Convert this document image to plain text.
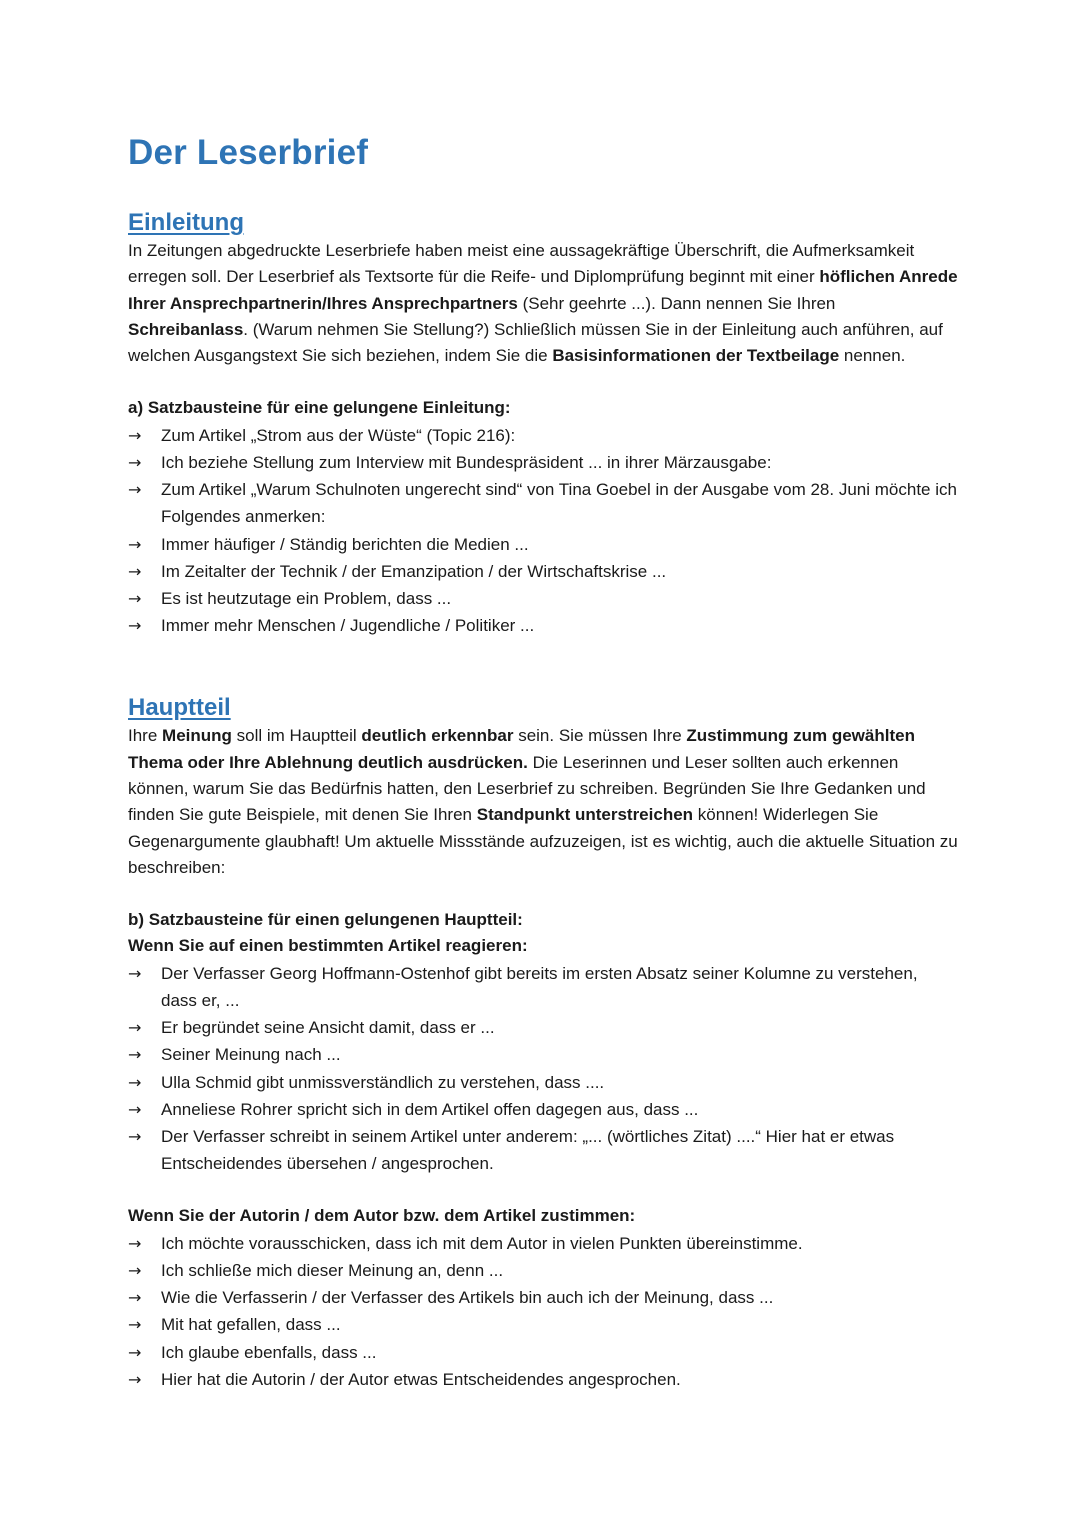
Der Leserbrief
Einleitung

In Zeitungen abgedruckte Leserbriefe haben meist eine aussagekräftige Überschrift, die Aufmerksamkeit erregen soll. Der Leserbrief als Textsorte für die Reife- und Diplomprüfung beginnt mit einer höflichen Anrede Ihrer Ansprechpartnerin/Ihres Ansprechpartners (Sehr geehrte ...). Dann nennen Sie Ihren Schreibanlass. (Warum nehmen Sie Stellung?) Schließlich müssen Sie in der Einleitung auch anführen, auf welchen Ausgangstext Sie sich beziehen, indem Sie die Basisinformationen der Textbeilage nennen.

a) Satzbausteine für eine gelungene Einleitung:

→	Zum Artikel „Strom aus der Wüste“ (Topic 216):
→	Ich beziehe Stellung zum Interview mit Bundespräsident ... in ihrer Märzausgabe:
→	Zum Artikel „Warum Schulnoten ungerecht sind“ von Tina Goebel in der Ausgabe vom 28. Juni möchte ich Folgendes anmerken:
→	Immer häufiger / Ständig berichten die Medien ...
→	Im Zeitalter der Technik / der Emanzipation / der Wirtschaftskrise ...
→	Es ist heutzutage ein Problem, dass ...
→	Immer mehr Menschen / Jugendliche / Politiker ...
Hauptteil

Ihre Meinung soll im Hauptteil deutlich erkennbar sein. Sie müssen Ihre Zustimmung zum gewählten Thema oder Ihre Ablehnung deutlich ausdrücken. Die Leserinnen und Leser sollten auch erkennen können, warum Sie das Bedürfnis hatten, den Leserbrief zu schreiben. Begründen Sie Ihre Gedanken und finden Sie gute Beispiele, mit denen Sie Ihren Standpunkt unterstreichen können! Widerlegen Sie Gegenargumente glaubhaft! Um aktuelle Missstände aufzuzeigen, ist es wichtig, auch die aktuelle Situation zu beschreiben:

b) Satzbausteine für einen gelungenen Hauptteil:

Wenn Sie auf einen bestimmten Artikel reagieren:

→	Der Verfasser Georg Hoffmann-Ostenhof gibt bereits im ersten Absatz seiner Kolumne zu verstehen, dass er, ...
→	Er begründet seine Ansicht damit, dass er ...
→	Seiner Meinung nach ...
→	Ulla Schmid gibt unmissverständlich zu verstehen, dass ....
→	Anneliese Rohrer spricht sich in dem Artikel offen dagegen aus, dass ...
→	Der Verfasser schreibt in seinem Artikel unter anderem: „... (wörtliches Zitat) ....“ Hier hat er etwas Entscheidendes übersehen / angesprochen.

Wenn Sie der Autorin / dem Autor bzw. dem Artikel zustimmen:

→	Ich möchte vorausschicken, dass ich mit dem Autor in vielen Punkten übereinstimme.
→	Ich schließe mich dieser Meinung an, denn ...
→	Wie die Verfasserin / der Verfasser des Artikels bin auch ich der Meinung, dass ...
→	Mit hat gefallen, dass ...
→	Ich glaube ebenfalls, dass ...
→	Hier hat die Autorin / der Autor etwas Entscheidendes angesprochen.
